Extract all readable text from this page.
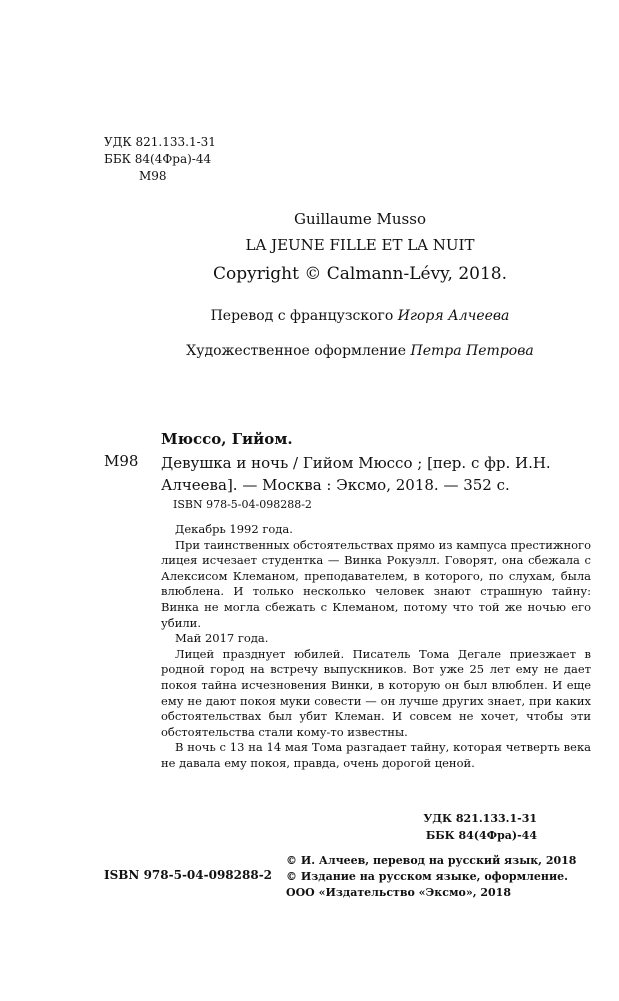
УДК 821.133.1-31
ББК 84(4Фра)-44
М98
Guillaume Musso
LA JEUNE FILLE ET LA NUIT
Copyright © Calmann-Lévy, 2018.
Перевод с французского Игоря Алчеева
Художественное оформление Петра Петрова
Мюссо, Гийом.
М98 Девушка и ночь / Гийом Мюссо ; [пер. с фр. И.Н. Алчеева]. — Москва : Эксмо, 2018. — 352 с.
ISBN 978-5-04-098288-2

Декабрь 1992 года.

При таинственных обстоятельствах прямо из кампуса престижного лицея исчезает студентка — Винка Рокуэлл. Говорят, она сбежала с Алексисом Клеманом, преподавателем, в которого, по слухам, была влюблена. И только несколько человек знают страшную тайну: Винка не могла сбежать с Клеманом, потому что той же ночью его убили.

Май 2017 года.

Лицей празднует юбилей. Писатель Тома Дегале приезжает в родной город на встречу выпускников. Вот уже 25 лет ему не дает покоя тайна исчезновения Винки, в которую он был влюблен. И еще ему не дают покоя муки совести — он лучше других знает, при каких обстоятельствах был убит Клеман. И совсем не хочет, чтобы эти обстоятельства стали кому-то известны.

В ночь с 13 на 14 мая Тома разгадает тайну, которая четверть века не давала ему покоя, правда, очень дорогой ценой.

УДК 821.133.1-31
ББК 84(4Фра)-44
© И. Алчеев, перевод на русский язык, 2018
© Издание на русском языке, оформление.
ООО «Издательство «Эксмо», 2018
ISBN 978-5-04-098288-2
